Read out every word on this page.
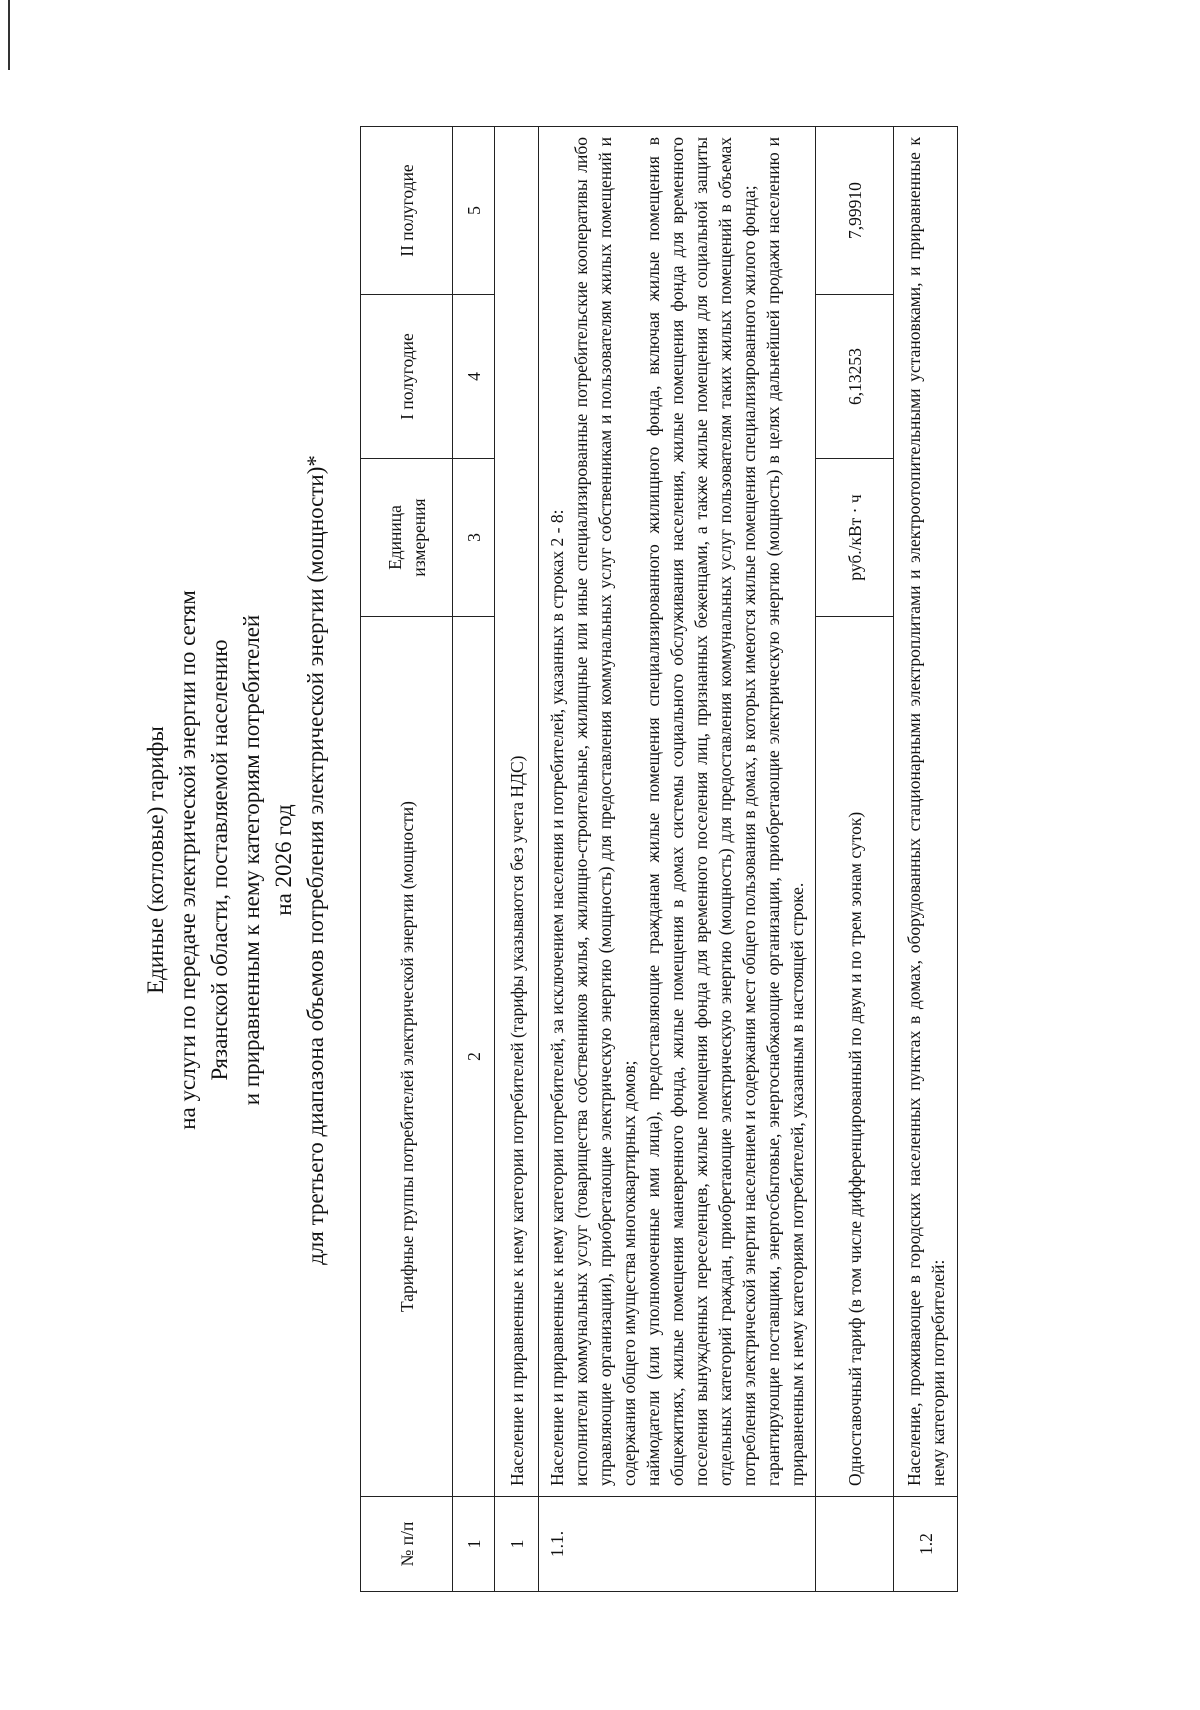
Единые (котловые) тарифы на услуги по передаче электрической энергии по сетям Рязанской области, поставляемой населению и приравненным к нему категориям потребителей на 2026 год для третьего диапазона объемов потребления электрической энергии (мощности)*
№ п/п	Тарифные группы потребителей электрической энергии (мощности)	Единица измерения	I полугодие	II полугодие
1	2	3	4	5
1	Население и приравненные к нему категории потребителей (тарифы указываются без учета НДС)			
1.1.	Население и приравненные к нему категории потребителей, за исключением населения и потребителей, указанных в строках 2 - 8: исполнители коммунальных услуг (товарищества собственников жилья, жилищно-строительные, жилищные или иные специализированные потребительские кооперативы либо управляющие организации), приобретающие электрическую энергию (мощность) для предоставления коммунальных услуг собственникам и пользователям жилых помещений и содержания общего имущества многоквартирных домов; наймодатели (или уполномоченные ими лица), предоставляющие гражданам жилые помещения специализированного жилищного фонда, включая жилые помещения в общежитиях, жилые помещения маневренного фонда, жилые помещения в домах системы социального обслуживания населения, жилые помещения фонда для временного поселения вынужденных переселенцев, жилые помещения фонда для временного поселения лиц, признанных беженцами, а также жилые помещения для социальной защиты отдельных категорий граждан, приобретающие электрическую энергию (мощность) для предоставления коммунальных услуг пользователям таких жилых помещений в объемах потребления электрической энергии населением и содержания мест общего пользования в домах, в которых имеются жилые помещения специализированного жилого фонда; гарантирующие поставщики, энергосбытовые, энергоснабжающие организации, приобретающие электрическую энергию (мощность) в целях дальнейшей продажи населению и приравненным к нему категориям потребителей, указанным в настоящей строке.			

	Одноставочный тариф (в том числе дифференцированный по двум и по трем зонам суток)	руб./кВт · ч	6,13253	7,99910
1.2	Население, проживающее в городских населенных пунктах в домах, оборудованных стационарными электроплитами и электроотопительными установками, и приравненные к нему категории потребителей:			
